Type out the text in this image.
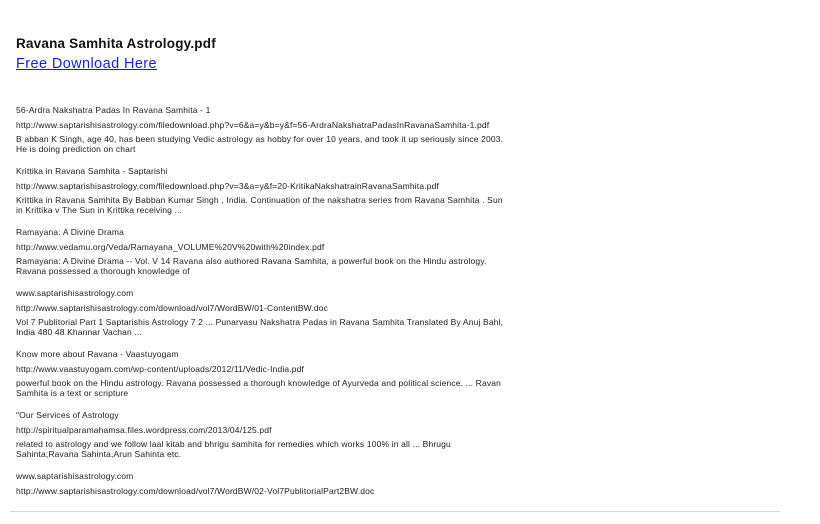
Ravana Samhita Astrology.pdf
Free Download Here
56-Ardra Nakshatra Padas In Ravana Samhita - 1
http://www.saptarishisastrology.com/filedownload.php?v=6&a=y&b=y&f=56-ArdraNakshatraPadasInRavanaSamhita-1.pdf
B abban K Singh, age 40, has been studying Vedic astrology as hobby for over 10 years, and took it up seriously since 2003.
He is doing prediction on chart
Krittika in Ravana Samhita - Saptarishi
http://www.saptarishisastrology.com/filedownload.php?v=3&a=y&f=20-KritikaNakshatrainRavanaSamhita.pdf
Krittika in Ravana Samhita By Babban Kumar Singh , India. Continuation of the nakshatra series from Ravana Samhita . Sun
in Krittika v The Sun in Krittika receiving ...
Ramayana: A Divine Drama
http://www.vedamu.org/Veda/Ramayana_VOLUME%20V%20with%20index.pdf
Ramayana: A Divine Drama -- Vol. V 14 Ravana also authored Ravana Samhita, a powerful book on the Hindu astrology.
Ravana possessed a thorough knowledge of
www.saptarishisastrology.com
http://www.saptarishisastrology.com/download/vol7/WordBW/01-ContentBW.doc
Vol 7 Publitorial Part 1 Saptarishis Astrology 7 2 ... Punarvasu Nakshatra Padas in Ravana Samhita Translated By Anuj Bahl,
India 480 48 Khannar Vachan ...
Know more about Ravana - Vaastuyogam
http://www.vaastuyogam.com/wp-content/uploads/2012/11/Vedic-India.pdf
powerful book on the Hindu astrology. Ravana possessed a thorough knowledge of Ayurveda and political science. ... Ravan
Samhita is a text or scripture
"Our Services of Astrology
http://spiritualparamahamsa.files.wordpress.com/2013/04/125.pdf
related to astrology and we follow laal kitab and bhrigu samhita for remedies which works 100% in all ... Bhrugu
Sahinta,Ravana Sahinta,Arun Sahinta etc.
www.saptarishisastrology.com
http://www.saptarishisastrology.com/download/vol7/WordBW/02-Vol7PublitorialPart2BW.doc
